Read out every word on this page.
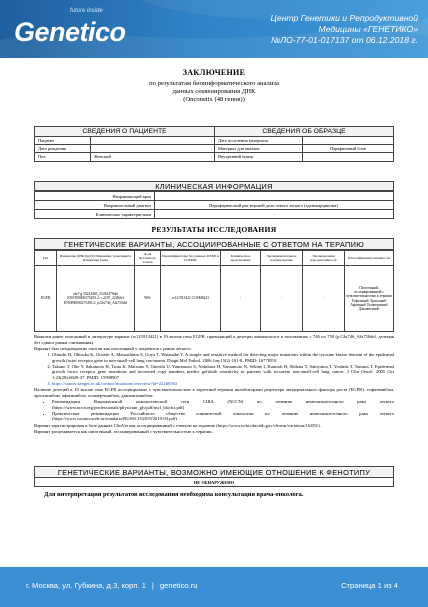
future inside
Genetico	Центр Генетики и Репродуктивной
Медицины «ГЕНЕТИКО»
№ЛО-77-01-017137 от 06.12.2018 г.
ЗАКЛЮЧЕНИЕ
по результатам биоинформатического анализа
данных секвенирования ДНК
(Onconetix (48 генов))
СВЕДЕНИЯ О ПАЦИЕНТЕ		СВЕДЕНИЯ ОБ ОБРАЗЦЕ	
Пациент		Дата получения материала	
Дата рождения		Материал для анализа	Парафиновый блок
Пол	Женский	Внутренний номер	
КЛИНИЧЕСКАЯ ИНФОРМАЦИЯ
Направляющий врач	
Направительный диагноз	Периферический рак верхней доли левого легкого (аденокарцинома).
Клинические характеристики	-
РЕЗУЛЬТАТЫ ИССЛЕДОВАНИЯ
ГЕНЕТИЧЕСКИЕ ВАРИАНТЫ, АССОЦИИРОВАННЫЕ С ОТВЕТОМ НА ТЕРАПИЮ
Ген	Изменение ДНК (hg19) Изменение транскрипта Изменение белка	Доля мутантного аллеля	Идентификаторы баз данных dbSNP и COSMIC	Клиническое предсказание	Экспериментальное подтверждение	Эволюционная консервативность	Классификация значимости
EGFR	chr7:g.55242465_55242479del ENST00000275493.2: c.2235_2249del ENSP00000275493.2: p.Glu746_Ala750del	96%	rs121913421 COSM6223	-	-	-	Патогенный, ассоциированный с чувствительностью к терапии Гефитиниб Эрлотиниб Афатиниб Осимертиниб Дакомитиниб

Выявлен ранее описанный в литературе вариант (rs121913421) в 19 экзоне гена EGFR, приводящий к делеции аминокислот в положениях с 746 по 750 (p.Glu746_Ala750del, делеция без сдвига рамки считывания).

Вариант был неоднократно описан как патогенный у пациентов с раком легкого:

1. Ohnishi H, Ohtsuka K, Oooide A, Matsushima S, Goya T, Watanabe T. A simple and sensitive method for detecting major mutations within the tyrosine kinase domain of the epidermal growth factor receptor gene in non-small-cell lung carcinoma. Diagn Mol Pathol. 2006 Jun;15(2):101-8. PMID: 16778591
2. Takano T, Ohe Y, Sakamoto H, Tsuta K, Matsuno Y, Tateishi U, Yamamoto S, Nokihara H, Yamamoto N, Sekine I, Kunitoh H, Shibata T, Sakiyama T, Yoshida T, Tamura T. Epidermal growth factor receptor gene mutations and increased copy numbers predict gefitinib sensitivity in patients with recurrent non-small-cell lung cancer. J Clin Oncol. 2005 Oct 1;23(28):6829-37. PMID: 15998907
3. https://cancer.sanger.ac.uk/cosmic/mutation/overview?id=22266563

Наличие делеций в 19 экзоне гена EGFR ассоциировано с чувствительностью к таргетной терапии ингибиторами рецептора эпидермального фактора роста (EGFR): гефитинибом, эрлотинибом, афатинибом, осимертинибом, дакомитинибом:

• Рекомендации Национальной онкологической сети США (NCCN) по лечению немелкоклеточного рака легкого (https://www.nccn.org/professionals/physician_gls/pdf/nscl_blocks.pdf)
• Практические рекомендации Российского общества клинической онкологии по лечению немелкоклеточного рака легкого (https://www.rosoncoweb.ru/standarts/RUSSCO/2019/2019-03.pdf)

Вариант зарегистрирован в базе данных ClinVar как ассоциированный с ответом на терапию (https://www.ncbi.nlm.nih.gov/clinvar/variation/16283/).

Вариант расценивается как патогенный, ассоциированный с чувствительностью к терапии.

ГЕНЕТИЧЕСКИЕ ВАРИАНТЫ, ВОЗМОЖНО ИМЕЮЩИЕ ОТНОШЕНИЕ К ФЕНОТИПУ
НЕ ОБНАРУЖЕНО
Для интерпретации результатов исследования необходима консультация врача-онколога.
г. Москва, ул. Губкина, д.3, корп. 1 | genetico.ru	Страница 1 из 4
